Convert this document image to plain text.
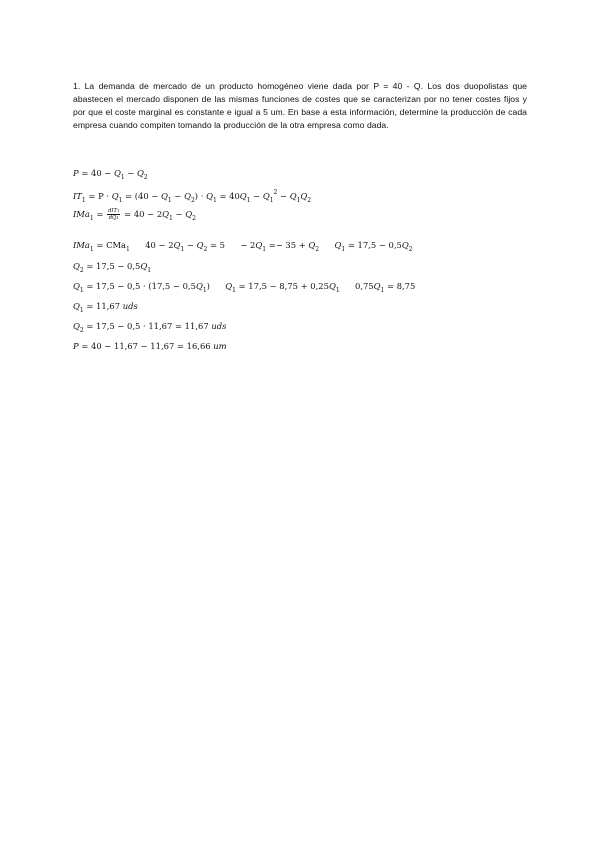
1. La demanda de mercado de un producto homogéneo viene dada por P = 40 - Q. Los dos duopolistas que abastecen el mercado disponen de las mismas funciones de costes que se caracterizan por no tener costes fijos y por que el coste marginal es constante e igual a 5 um. En base a esta información, determine la producción de cada empresa cuando compiten tomando la producción de la otra empresa como dada.

$P = 40 - Q_1 - Q_2$
$IT_1 = P \cdot Q_1 = (40 - Q_1 - Q_2) \cdot Q_1 = 40Q_1 - Q_1^2 - Q_1Q_2$
$IMa_1 = \frac{\text{dIT1}}{dQ1} = 40 - 2Q_1 - Q_2$
IMa$_1$ = CMa$_1$ $40 - 2Q_1 - Q_2 = 5 - 2Q_1 =- 35 + Q_2$ $Q_1 = 17,5 - 0,5Q_2$
$Q_2 = 17,5 - 0,5Q_1$
$Q_1 = 17,5 - 0,5 \cdot (17,5 - 0,5Q_1) Q_1 = 17,5 - 8,75 + 0,25Q_1$ $0,75Q_1 = 8,75$
$Q_1 = 11,67$ uds
$Q_2 = 17,5 - 0,5 \cdot 11,67 = 11,67$ uds
P = 40 − 11,67 − 11,67 = 16,66 um
